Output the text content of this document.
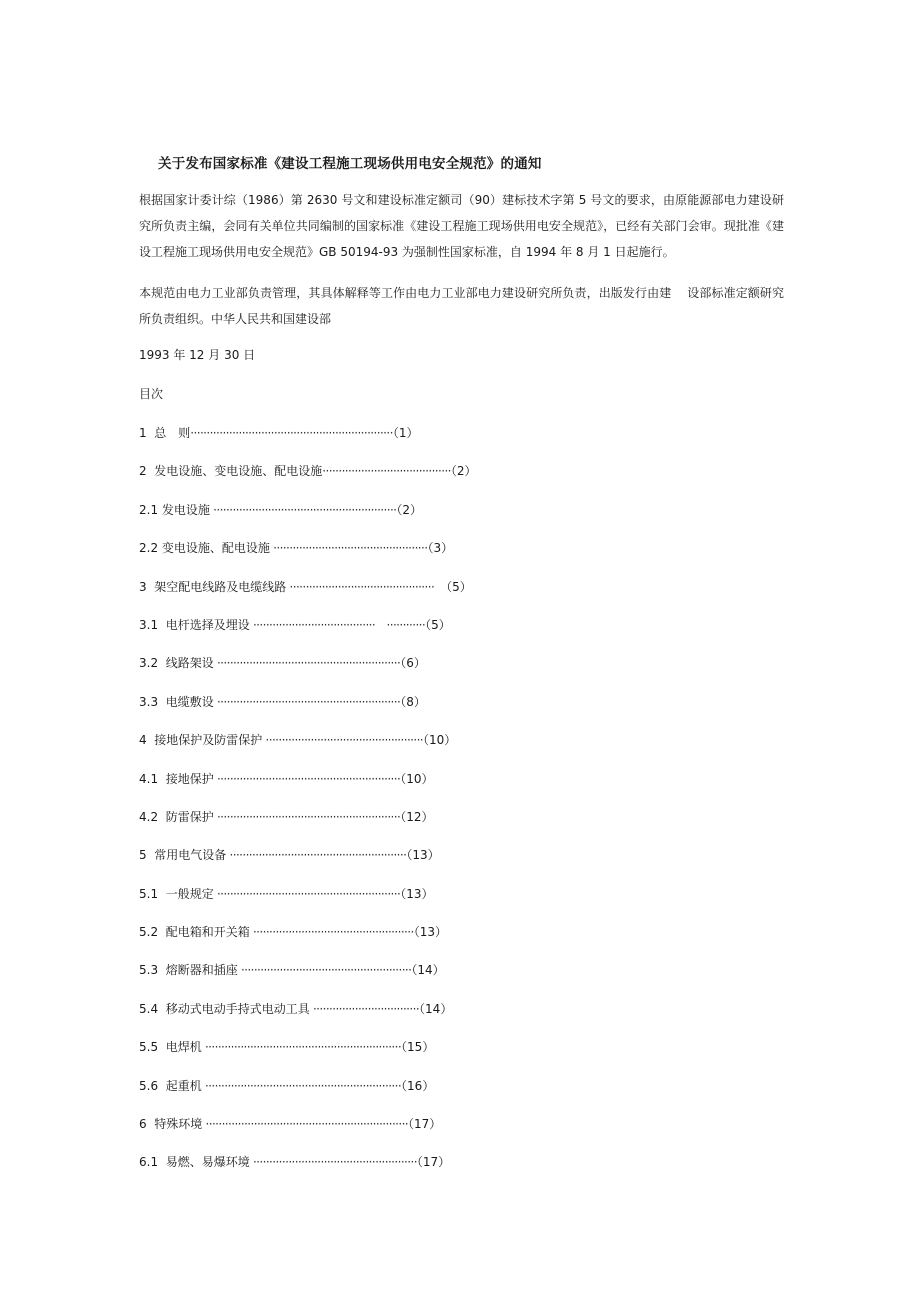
关于发布国家标准《建设工程施工现场供用电安全规范》的通知
根据国家计委计综（1986）第 2630 号文和建设标准定额司（90）建标技术字第 5 号文的要求，由原能源部电力建设研究所负责主编，会同有关单位共同编制的国家标准《建设工程施工现场供用电安全规范》，已经有关部门会审。现批准《建设工程施工现场供用电安全规范》GB 50194-93 为强制性国家标准，自 1994 年 8 月 1 日起施行。
本规范由电力工业部负责管理，其具体解释等工作由电力工业部电力建设研究所负责，出版发行由建　 设部标准定额研究所负责组织。中华人民共和国建设部
1993 年 12 月 30 日
目次
1 总　则·······························································（1）
2 发电设施、变电设施、配电设施········································（2）
2.1 发电设施 ·························································（2）
2.2 变电设施、配电设施 ················································（3）
3 架空配电线路及电缆线路 ·············································　（5）
3.1 电杆选择及埋设 ······································　············（5）
3.2 线路架设 ·························································（6）
3.3 电缆敷设 ·························································（8）
4 接地保护及防雷保护 ·················································（10）
4.1 接地保护 ·························································（10）
4.2 防雷保护 ·························································（12）
5 常用电气设备 ·······················································（13）
5.1 一般规定 ·························································（13）
5.2 配电箱和开关箱 ··················································（13）
5.3 熔断器和插座 ·····················································（14）
5.4 移动式电动手持式电动工具 ·································（14）
5.5 电焊机 ·····························································（15）
5.6 起重机 ·····························································（16）
6 特殊环境 ·······························································（17）
6.1 易燃、易爆环境 ···················································（17）
